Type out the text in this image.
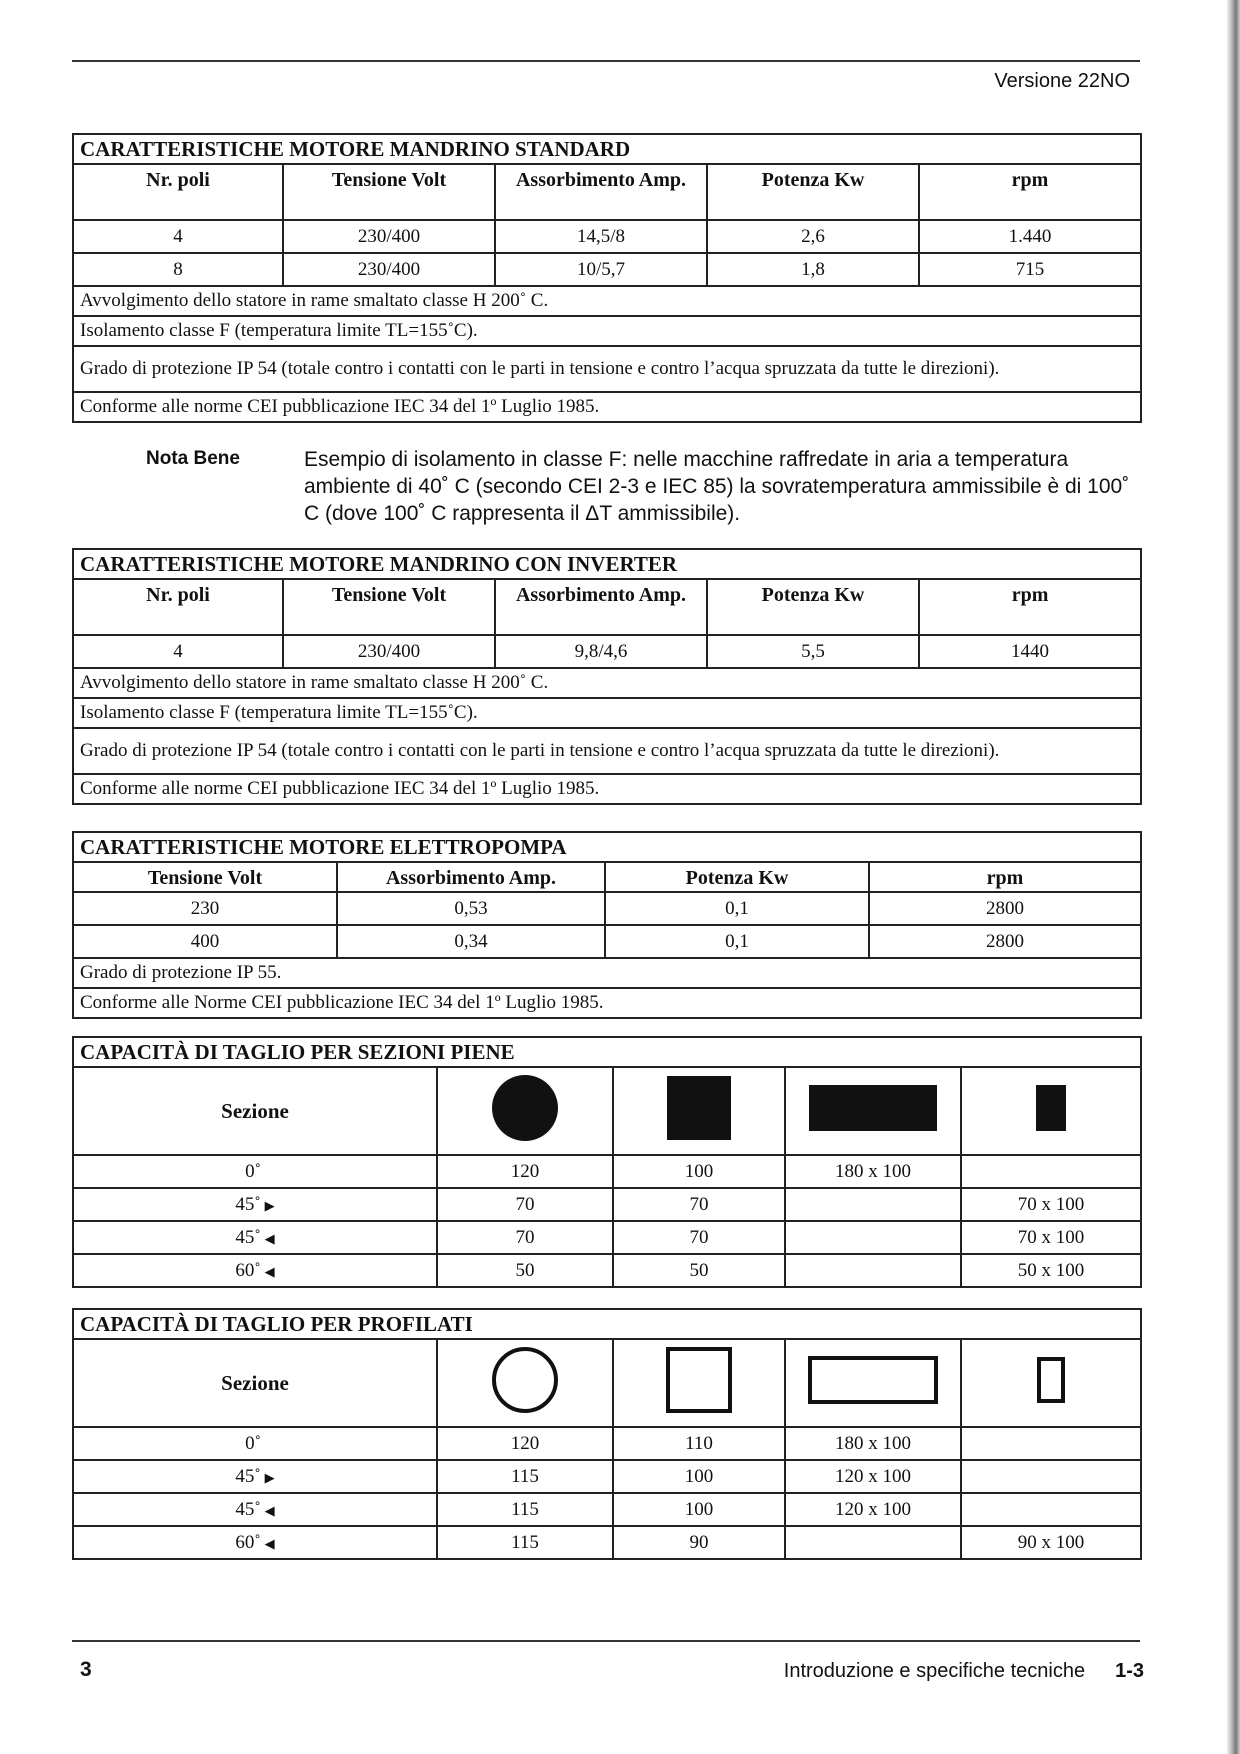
Versione 22NO
CARATTERISTICHE MOTORE MANDRINO STANDARD				
Nr. poli	Tensione Volt	Assorbimento Amp.	Potenza Kw	rpm
4	230/400	14,5/8	2,6	1.440
8	230/400	10/5,7	1,8	715
Avvolgimento dello statore in rame smaltato classe H 200˚ C.				
Isolamento classe F (temperatura limite TL=155˚C).				
Grado di protezione IP 54 (totale contro i contatti con le parti in tensione e contro l’acqua spruzzata da tutte le direzioni).				
Conforme alle norme CEI pubblicazione IEC 34 del 1º Luglio 1985.				
Nota Bene	Esempio di isolamento in classe F: nelle macchine raffredate in aria a temperatura ambiente di 40˚ C (secondo CEI 2-3 e IEC 85) la sovratemperatura ammissibile è di 100˚ C (dove 100˚ C rappresenta il ΔT ammissibile).
CARATTERISTICHE MOTORE MANDRINO CON INVERTER				
Nr. poli	Tensione Volt	Assorbimento Amp.	Potenza Kw	rpm
4	230/400	9,8/4,6	5,5	1440
Avvolgimento dello statore in rame smaltato classe H 200˚ C.				
Isolamento classe F (temperatura limite TL=155˚C).				
Grado di protezione IP 54 (totale contro i contatti con le parti in tensione e contro l’acqua spruzzata da tutte le direzioni).				
Conforme alle norme CEI pubblicazione IEC 34 del 1º Luglio 1985.				
CARATTERISTICHE MOTORE ELETTROPOMPA			
Tensione Volt	Assorbimento Amp.	Potenza Kw	rpm
230	0,53	0,1	2800
400	0,34	0,1	2800
Grado di protezione IP 55.			
Conforme alle Norme CEI pubblicazione IEC 34 del 1º Luglio 1985.			
CAPACITÀ DI TAGLIO PER SEZIONI PIENE				
Sezione				
0˚	120	100	180 x 100	
45˚ ▶	70	70		70 x 100
45˚ ◀	70	70		70 x 100
60˚ ◀	50	50		50 x 100
CAPACITÀ DI TAGLIO PER PROFILATI				
Sezione				
0˚	120	110	180 x 100	
45˚ ▶	115	100	120 x 100	
45˚ ◀	115	100	120 x 100	
60˚ ◀	115	90		90 x 100
3	Introduzione e specifiche tecniche 1-3
